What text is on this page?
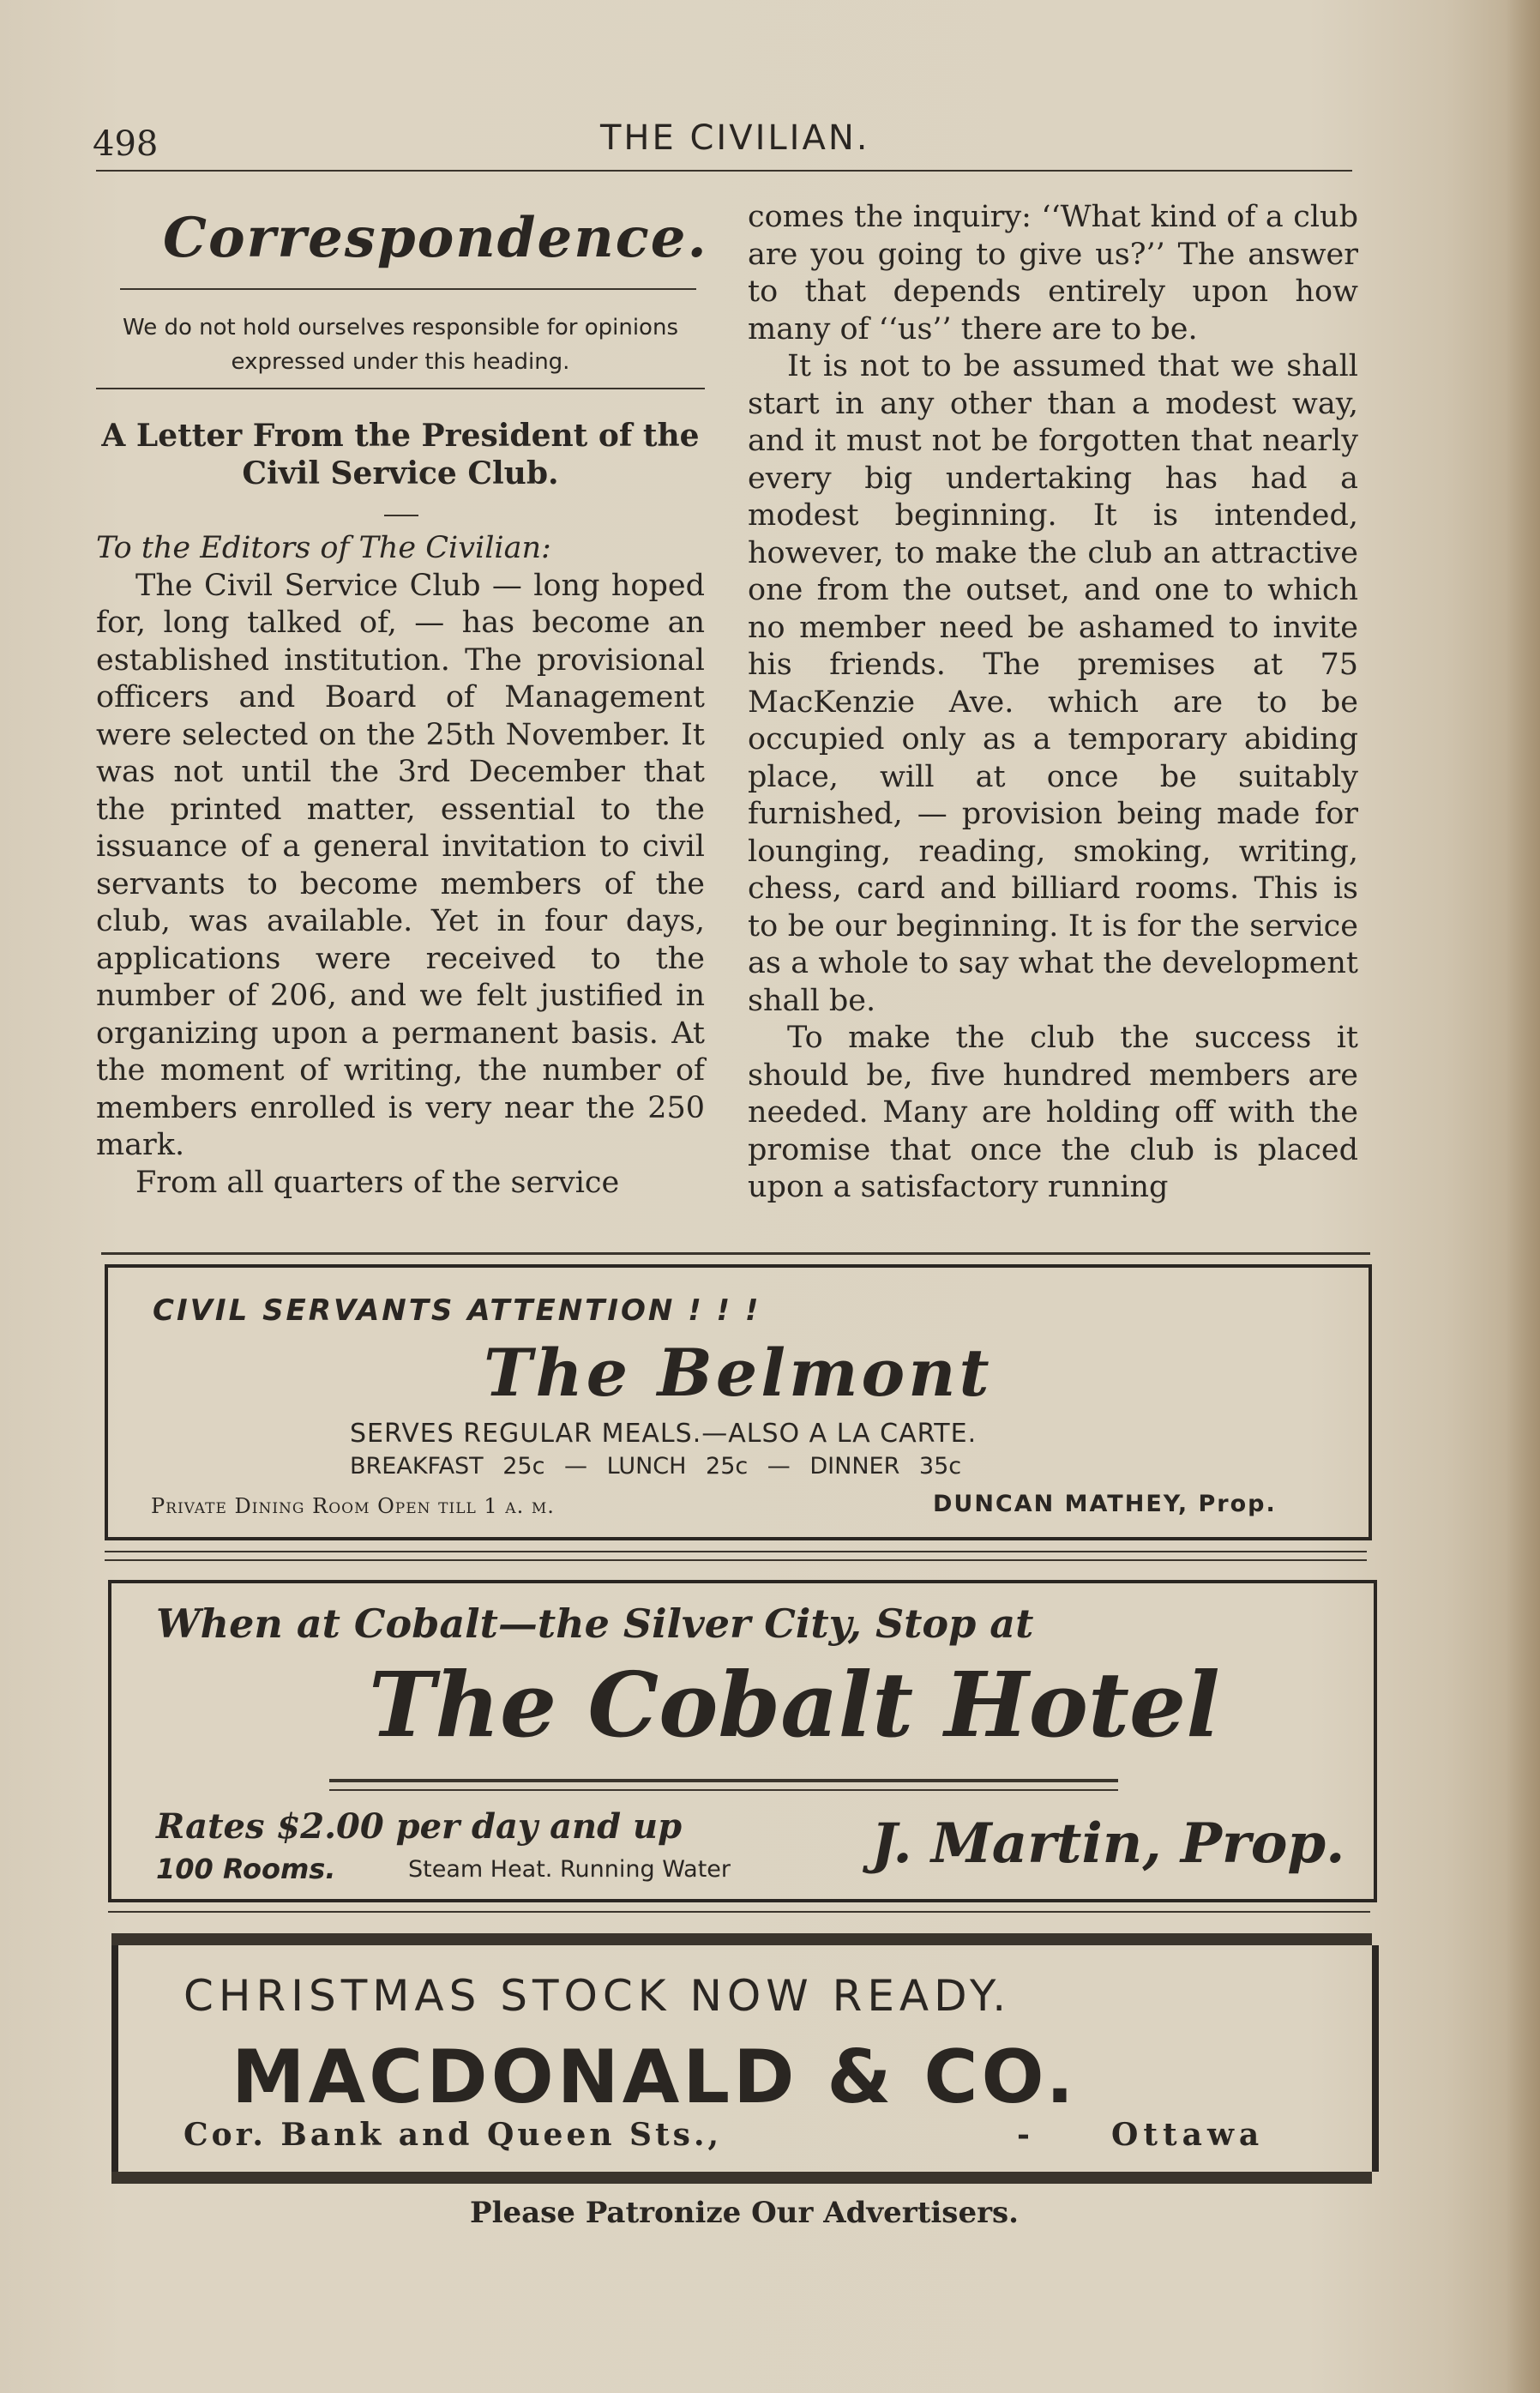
498	THE CIVILIAN.
Correspondence.
We do not hold ourselves responsible for opinions expressed under this heading.
A Letter From the President of the Civil Service Club.

To the Editors of The Civilian:

The Civil Service Club — long hoped for, long talked of, — has become an established institution. The provisional officers and Board of Management were selected on the 25th November. It was not until the 3rd December that the printed matter, essential to the issuance of a general invitation to civil servants to become members of the club, was available. Yet in four days, applications were received to the number of 206, and we felt justified in organizing upon a permanent basis. At the moment of writing, the number of members enrolled is very near the 250 mark.

From all quarters of the service

comes the inquiry: ‘‘What kind of a club are you going to give us?’’ The answer to that depends entirely upon how many of ‘‘us’’ there are to be.

It is not to be assumed that we shall start in any other than a modest way, and it must not be forgotten that nearly every big undertaking has had a modest beginning. It is intended, however, to make the club an attractive one from the outset, and one to which no member need be ashamed to invite his friends. The premises at 75 MacKenzie Ave. which are to be occupied only as a temporary abiding place, will at once be suitably furnished, — provision being made for lounging, reading, smoking, writing, chess, card and billiard rooms. This is to be our beginning. It is for the service as a whole to say what the development shall be.

To make the club the success it should be, five hundred members are needed. Many are holding off with the promise that once the club is placed upon a satisfactory running

CIVIL SERVANTS ATTENTION ! ! !
The Belmont
SERVES REGULAR MEALS.—ALSO A LA CARTE.
BREAKFAST 25c — LUNCH 25c — DINNER 35c
Private Dining Room Open till 1 a. m.	DUNCAN MATHEY, Prop.
When at Cobalt—the Silver City, Stop at
The Cobalt Hotel
Rates $2.00 per day and up
100 Rooms.	Steam Heat. Running Water	J. Martin, Prop.
CHRISTMAS STOCK NOW READY.
MACDONALD & CO.
Cor. Bank and Queen Sts.,	-	Ottawa
Please Patronize Our Advertisers.
